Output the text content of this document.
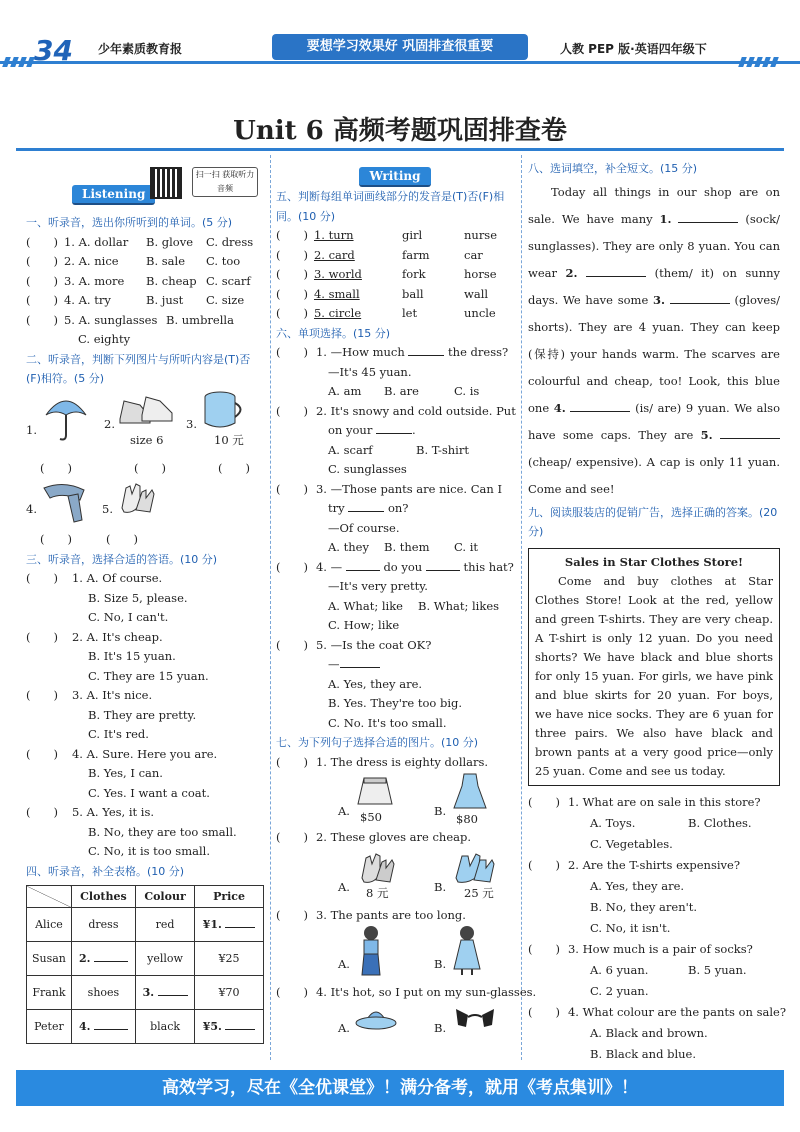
34 少年素质教育报	要想学习效果好 巩固排查很重要	人教 PEP 版·英语四年级下
Unit 6 高频考题巩固排查卷
Listening
扫一扫 获取听力音频
一、听录音，选出你所听到的单词。(5 分)
(　　) 1. A. dollar B. glove C. dress
(　　) 2. A. nice B. sale C. too
(　　) 3. A. more B. cheap C. scarf
(　　) 4. A. try	B. just C. size
(　　) 5. A. sunglasses B. umbrella
C. eighty
二、听录音，判断下列图片与所听内容是(T)否(F)相符。(5 分)
1.	2.
size 6
3.
10 元
(　　)	(　　)	(　　)
4.	5.
(　　)	(　　)
三、听录音，选择合适的答语。(10 分)
(　　) 1. A. Of course.
B. Size 5, please.
C. No, I can't.
(　　) 2. A. It's cheap.
B. It's 15 yuan.
C. They are 15 yuan.
(　　) 3. A. It's nice.
B. They are pretty.
C. It's red.
(　　) 4. A. Sure. Here you are.
B. Yes, I can.
C. Yes. I want a coat.
(　　) 5. A. Yes, it is.
B. No, they are too small.
C. No, it is too small.
四、听录音，补全表格。(10 分)
	Clothes	Colour	Price
Alice	dress	red	¥1.
Susan	2.	yellow	¥25
Frank	shoes	3.	¥70
Peter	4.	black	¥5.
Writing
五、判断每组单词画线部分的发音是(T)否(F)相同。(10 分)
(　　) 1. turn	girl	nurse
(　　) 2. card	farm	car
(　　) 3. world	fork	horse
(　　) 4. small	ball	wall
(　　) 5. circle	let	uncle
六、单项选择。(15 分)
(　　) 1. —How much	the dress?
—It's 45 yuan.
A. am B. are	C. is
(　　) 2. It's snowy and cold outside. Put
on your	.
A. scarf	B. T-shirt
C. sunglasses
(　　) 3. —Those pants are nice. Can I
try	on?
—Of course.
A. they B. them C. it
(　　) 4. —	do you	this hat?
—It's very pretty.
A. What; like B. What; likes
C. How; like
(　　) 5. —Is the coat OK?
—
A. Yes, they are.
B. Yes. They're too big.
C. No. It's too small.
七、为下列句子选择合适的图片。(10 分)
(　　) 1. The dress is eighty dollars.
A. $50	B.
$80
(　　) 2. These gloves are cheap.
A. 8 元	B. 25 元
(　　) 3. The pants are too long.
A.	B.
(　　) 4. It's hot, so I put on my sun-glasses.
A.	B.
八、选词填空，补全短文。(15 分)
Today all things in our shop are on sale. We have many 1.	(sock/ sunglasses). They are only 8 yuan. You can wear 2.	(them/ it) on sunny days. We have some 3.	(gloves/ shorts). They are 4 yuan. They can keep (保持) your hands warm. The scarves are colourful and cheap, too! Look, this blue one 4.	(is/ are) 9 yuan. We also have some caps. They are 5.  (cheap/ expensive). A cap is only 11 yuan. Come and see!
九、阅读服装店的促销广告，选择正确的答案。(20 分)
Sales in Star Clothes Store!
Come and buy clothes at Star Clothes Store! Look at the red, yellow and green T-shirts. They are very cheap. A T-shirt is only 12 yuan. Do you need shorts? We have black and blue shorts for only 15 yuan. For girls, we have pink and blue skirts for 20 yuan. For boys, we have nice socks. They are 6 yuan for three pairs. We also have black and brown pants at a very good price—only 25 yuan. Come and see us today.
(　　) 1. What are on sale in this store?
A. Toys.	B. Clothes.
C. Vegetables.
(　　) 2. Are the T-shirts expensive?
A. Yes, they are.
B. No, they aren't.
C. No, it isn't.
(　　) 3. How much is a pair of socks?
A. 6 yuan.	B. 5 yuan.
C. 2 yuan.
(　　) 4. What colour are the pants on sale?
A. Black and brown.
B. Black and blue.
高效学习，尽在《全优课堂》！满分备考，就用《考点集训》！
